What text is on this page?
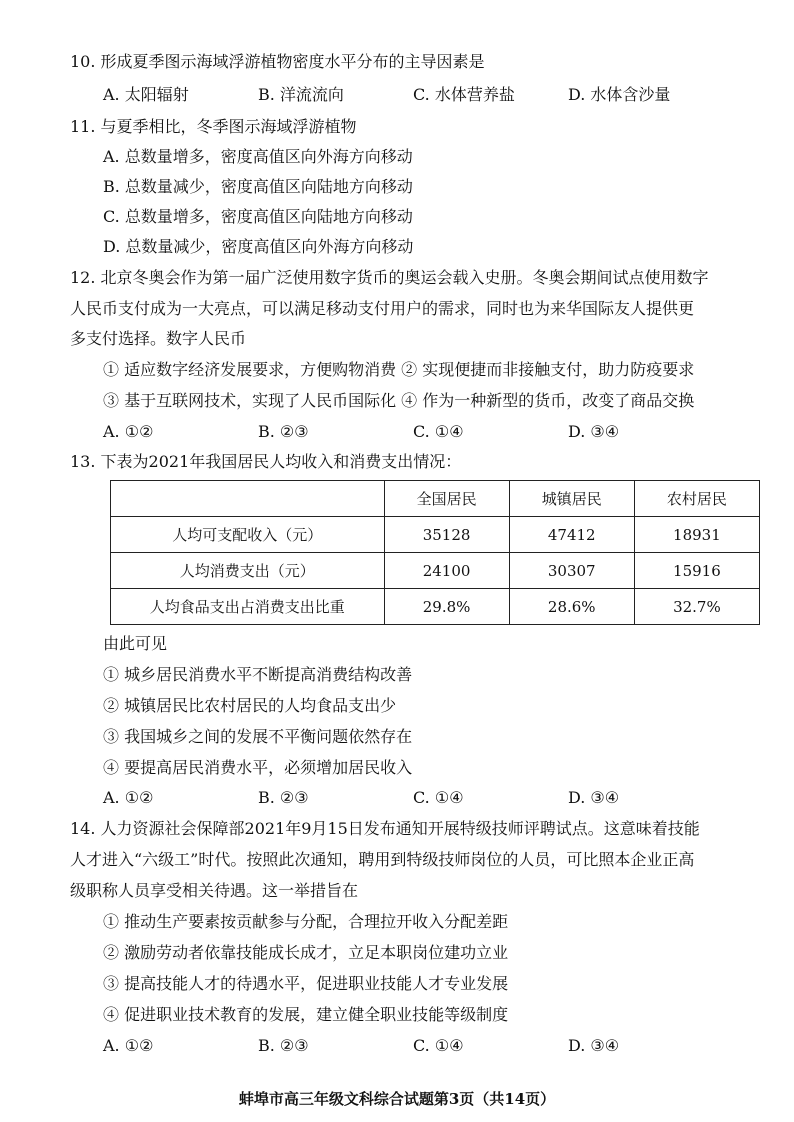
10. 形成夏季图示海域浮游植物密度水平分布的主导因素是
A. 太阳辐射	B. 洋流流向	C. 水体营养盐	D. 水体含沙量
11. 与夏季相比，冬季图示海域浮游植物
A. 总数量增多，密度高值区向外海方向移动
B. 总数量减少，密度高值区向陆地方向移动
C. 总数量增多，密度高值区向陆地方向移动
D. 总数量减少，密度高值区向外海方向移动
12. 北京冬奥会作为第一届广泛使用数字货币的奥运会载入史册。冬奥会期间试点使用数字
人民币支付成为一大亮点，可以满足移动支付用户的需求，同时也为来华国际友人提供更
多支付选择。数字人民币
① 适应数字经济发展要求，方便购物消费 ② 实现便捷而非接触支付，助力防疫要求
③ 基于互联网技术，实现了人民币国际化 ④ 作为一种新型的货币，改变了商品交换
A. ①②	B. ②③	C. ①④	D. ③④
13. 下表为2021年我国居民人均收入和消费支出情况：
	全国居民	城镇居民	农村居民
人均可支配收入（元）	35128	47412	18931
人均消费支出（元）	24100	30307	15916
人均食品支出占消费支出比重	29.8%	28.6%	32.7%
由此可见
① 城乡居民消费水平不断提高消费结构改善
② 城镇居民比农村居民的人均食品支出少
③ 我国城乡之间的发展不平衡问题依然存在
④ 要提高居民消费水平，必须增加居民收入
A. ①②	B. ②③	C. ①④	D. ③④
14. 人力资源社会保障部2021年9月15日发布通知开展特级技师评聘试点。这意味着技能
人才进入“六级工”时代。按照此次通知，聘用到特级技师岗位的人员，可比照本企业正高
级职称人员享受相关待遇。这一举措旨在
① 推动生产要素按贡献参与分配，合理拉开收入分配差距
② 激励劳动者依靠技能成长成才，立足本职岗位建功立业
③ 提高技能人才的待遇水平，促进职业技能人才专业发展
④ 促进职业技术教育的发展，建立健全职业技能等级制度
A. ①②	B. ②③	C. ①④	D. ③④
蚌埠市高三年级文科综合试题第3页（共14页）
